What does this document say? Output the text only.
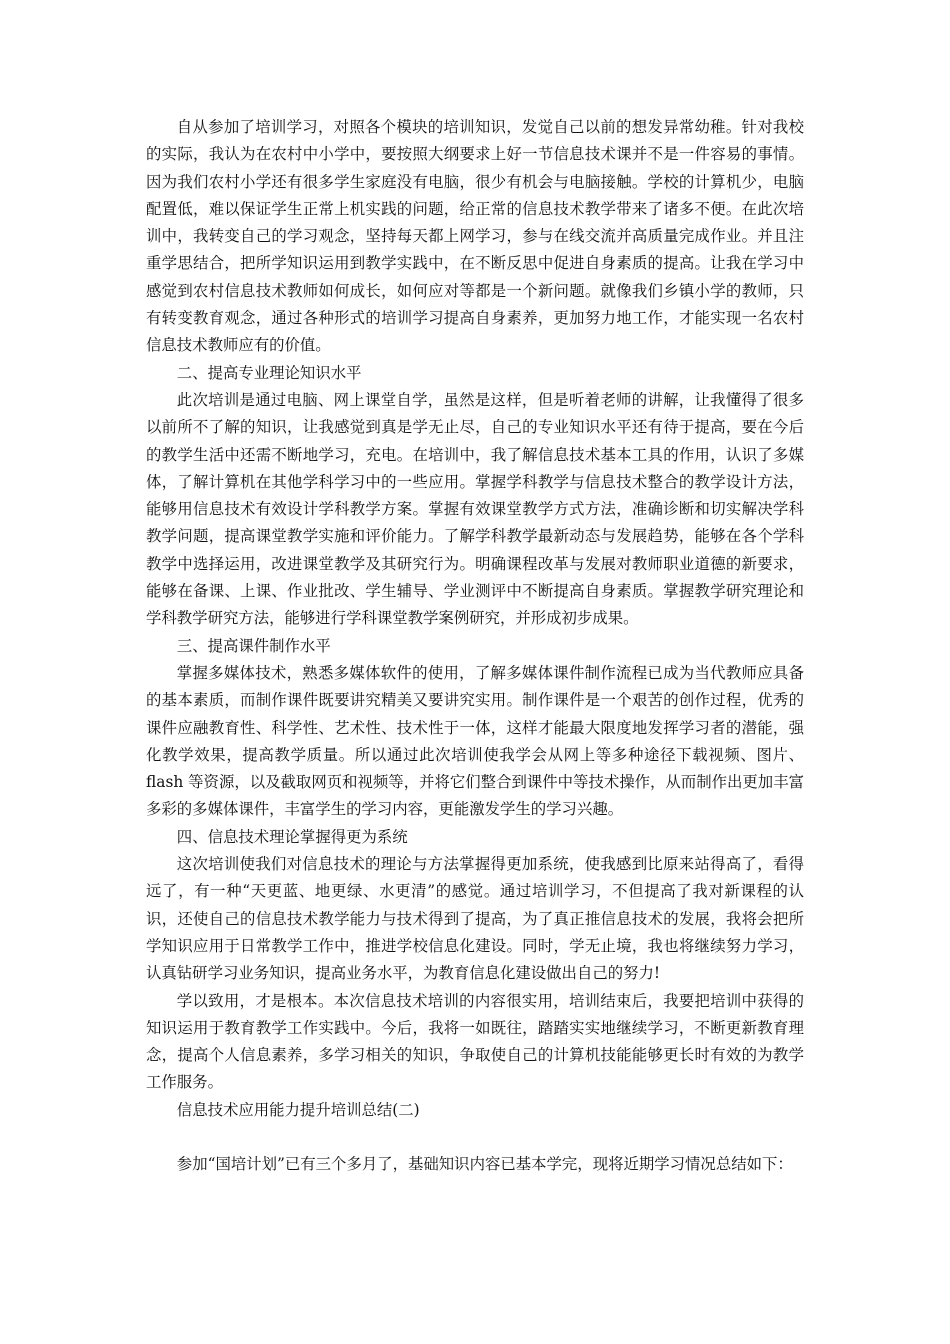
自从参加了培训学习，对照各个模块的培训知识，发觉自己以前的想发异常幼稚。针对我校的实际，我认为在农村中小学中，要按照大纲要求上好一节信息技术课并不是一件容易的事情。因为我们农村小学还有很多学生家庭没有电脑，很少有机会与电脑接触。学校的计算机少，电脑配置低，难以保证学生正常上机实践的问题，给正常的信息技术教学带来了诸多不便。在此次培训中，我转变自己的学习观念，坚持每天都上网学习，参与在线交流并高质量完成作业。并且注重学思结合，把所学知识运用到教学实践中，在不断反思中促进自身素质的提高。让我在学习中感觉到农村信息技术教师如何成长，如何应对等都是一个新问题。就像我们乡镇小学的教师，只有转变教育观念，通过各种形式的培训学习提高自身素养，更加努力地工作，才能实现一名农村信息技术教师应有的价值。

二、提高专业理论知识水平

此次培训是通过电脑、网上课堂自学，虽然是这样，但是听着老师的讲解，让我懂得了很多以前所不了解的知识，让我感觉到真是学无止尽，自己的专业知识水平还有待于提高，要在今后的教学生活中还需不断地学习，充电。在培训中，我了解信息技术基本工具的作用，认识了多媒体，了解计算机在其他学科学习中的一些应用。掌握学科教学与信息技术整合的教学设计方法，能够用信息技术有效设计学科教学方案。掌握有效课堂教学方式方法，准确诊断和切实解决学科教学问题，提高课堂教学实施和评价能力。了解学科教学最新动态与发展趋势，能够在各个学科教学中选择运用，改进课堂教学及其研究行为。明确课程改革与发展对教师职业道德的新要求，能够在备课、上课、作业批改、学生辅导、学业测评中不断提高自身素质。掌握教学研究理论和学科教学研究方法，能够进行学科课堂教学案例研究，并形成初步成果。

三、提高课件制作水平

掌握多媒体技术，熟悉多媒体软件的使用，了解多媒体课件制作流程已成为当代教师应具备的基本素质，而制作课件既要讲究精美又要讲究实用。制作课件是一个艰苦的创作过程，优秀的课件应融教育性、科学性、艺术性、技术性于一体，这样才能最大限度地发挥学习者的潜能，强化教学效果，提高教学质量。所以通过此次培训使我学会从网上等多种途径下载视频、图片、flash 等资源，以及截取网页和视频等，并将它们整合到课件中等技术操作，从而制作出更加丰富多彩的多媒体课件，丰富学生的学习内容，更能激发学生的学习兴趣。

四、信息技术理论掌握得更为系统

这次培训使我们对信息技术的理论与方法掌握得更加系统，使我感到比原来站得高了，看得远了，有一种“天更蓝、地更绿、水更清”的感觉。通过培训学习，不但提高了我对新课程的认识，还使自己的信息技术教学能力与技术得到了提高，为了真正推信息技术的发展，我将会把所学知识应用于日常教学工作中，推进学校信息化建设。同时，学无止境，我也将继续努力学习，认真钻研学习业务知识，提高业务水平，为教育信息化建设做出自己的努力!

学以致用，才是根本。本次信息技术培训的内容很实用，培训结束后，我要把培训中获得的知识运用于教育教学工作实践中。今后，我将一如既往，踏踏实实地继续学习，不断更新教育理念，提高个人信息素养，多学习相关的知识，争取使自己的计算机技能能够更长时有效的为教学工作服务。

信息技术应用能力提升培训总结(二)

参加“国培计划”已有三个多月了，基础知识内容已基本学完，现将近期学习情况总结如下：
